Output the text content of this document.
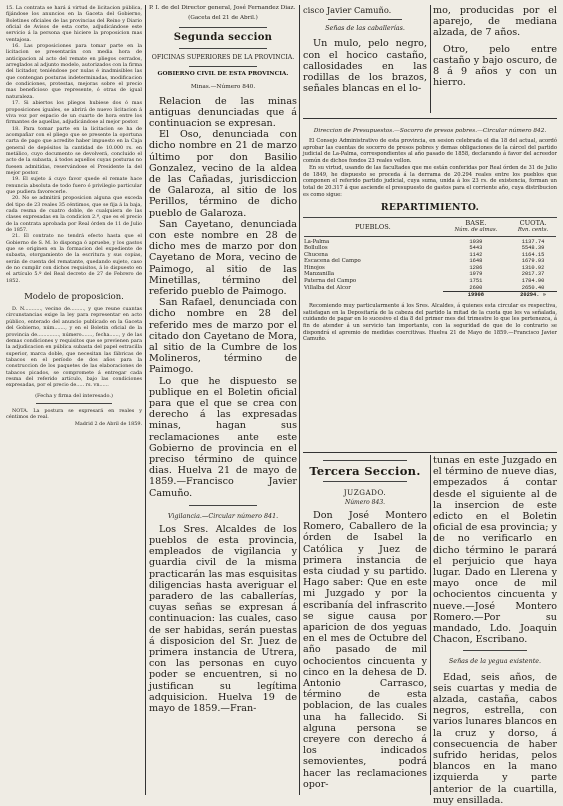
15. La contrata se hará á virtud de licitacion pública, fijándose los anuncios en la Gaceta del Gobierno, Boletines oficiales de las provincias del Reino y Diario oficial de Avisos de esta corte, adjudicándose este servicio á la persona que hiciere la proposicion mas ventajosa.

16. Las proposiciones para tomar parte en la licitacion se presentarán con media hora de anticipacion al acto del remate en pliegos cerrados, arreglados al adjunto modelo, autorizados con la firma del licitador, teniéndose por nulas é inadmisibles las que contengan posturas indeterminadas, modificacion de condiciones, protestas, mejoras sobre el precio mas beneficioso que represente, ó otras de igual naturaleza.

17. Si abiertos los pliegos hubiese dos ó mas proposiciones iguales, se abrirá de nuevo licitacion á viva voz por espacio de un cuarto de hora entre los firmantes de aquellas, adjudicándose al mejor postor.

18. Para tomar parte en la licitacion se ha de acompañar con el pliego que se presente la oportuna carta de pago que acredite haber impuesto en la Caja general de depósitos la cantidad de 10.000 rs. en metálico, cuyo documento se devolverá, concluido el acto de la subasta, á todos aquellos cuyas posturas no fuesen admitidas, reservándose el Presidente la del mejor postor.

19. El sujeto á cuyo favor quede el remate hace renuncia absoluta de todo fuero ó privilegio particular que pudiera favorecerle.

20. No se admitirá proposicion alguna que exceda del tipo de 23 reales 35 céntimos, que se fija á la baja, cada resma de cuatro doble, de cualquiera de las clases expresadas en la condicion 2.ª, que es el precio de la contrata aprobada por Real órden de 11 de Julio de 1857.

21. El contrato no tendrá efecto hasta que el Gobierno de S. M. lo disponga ó apruebe, y los gastos que se originen en la formacion del expediente de subasta, otorgamiento de la escritura y sus copias, serán de cuenta del rematante, quedando sujeto, caso de no cumplir con dichos requisitos, á lo dispuesto en el artículo 5.º del Real decreto de 27 de Febrero de 1852.

Modelo de proposicion.

D. N..........., vecino de........., y que reune cuantas circunstancias exige la ley para representar en acto público, enterado del anuncio publicado en la Gaceta del Gobierno, núm......., y en el Boletin oficial de la provincia de.............., número......., fecha......, y de las demas condiciones y requisitos que se previenen para la adjudicacion en pública subasta del papel estracilla superior, marca doble, que necesitan las fábricas de tabacos en el período de dos años para la construccion de los paquetes de las elaboraciones de tabacos picados, se compromete á entregar cada resma del referido artículo, bajo las condiciones expresadas, por el precio de..... rs. vn......

(Fecha y firma del interesado.)

NOTA. La postura se expresará en reales y céntimos de real.

Madrid 2 de Abril de 1859.

P. I. de del Director general, José Fernandez Diaz.
(Gaceta del 21 de Abril.)
Segunda seccion
OFICINAS SUPERIORES DE LA PROVINCIA.
GOBIERNO CIVIL DE ESTA PROVINCIA.
Minas.—Número 840.

Relacion de las minas antiguas denunciadas que á continuacion se expresan.

El Oso, denunciada con dicho nombre en 21 de marzo último por don Basilio Gonzalez, vecino de la aldea de las Cañadas, jurisdiccion de Galaroza, al sitio de los Perillos, término de dicho pueblo de Galaroza.

San Cayetano, denunciada con este nombre en 28 de dicho mes de marzo por don Cayetano de Mora, vecino de Paimogo, al sitio de las Minetillas, término del referido pueblo de Paimogo.

San Rafael, denunciada con dicho nombre en 28 del referido mes de marzo por el citado don Cayetano de Mora, al sitio de la Cumbre de los Molineros, término de Paimogo.

Lo que he dispuesto se publique en el Boletin oficial para que el que se crea con derecho á las expresadas minas, hagan sus reclamaciones ante este Gobierno de provincia en el preciso término de quince dias. Huelva 21 de mayo de 1859.—Francisco Javier Camuño.

Vigilancia.—Circular número 841.

Los Sres. Alcaldes de los pueblos de esta provincia, empleados de vigilancia y guardia civil de la misma practicarán las mas esquisitas diligencias hasta averiguar el paradero de las caballerías, cuyas señas se expresan á continuacion: las cuales, caso de ser habidas, serán puestas á disposicion del Sr. Juez de primera instancia de Utrera, con las personas en cuyo poder se encuentren, si no justifican su legítima adquisicion. Huelva 19 de mayo de 1859.—Fran-

cisco Javier Camuño.
Señas de las caballerías.

Un mulo, pelo negro, con el hocico castaño, callosidades en las rodillas de los brazos, señales blancas en el lo-

mo, producidas por el aparejo, de mediana alzada, de 7 años.

Otro, pelo entre castaño y bajo oscuro, de 8 á 9 años y con un hierro.

Direccion de Presupuestos.—Socorro de presos pobres.—Circular número 842.

El Consejo Administrativo de esta provincia, en sesion celebrada el dia 18 del actual, acordó aprobar las cuentas de socorro de presos pobres y demas obligaciones de la cárcel del partido judicial de La-Palma, correspondientes al año pasado de 1858, declarando á favor del acreedor común de dichos fondos 23 reales vellon.

En su virtud, usando de las facultades que me están conferidas por Real órden de 31 de Julio de 1849, he dispuesto se proceda á la derrama de 20.294 reales entre los pueblos que componen el referido partido judicial, cuya suma, unida á los 23 rs. de existencia, forman un total de 20.317 á que asciende el presupuesto de gastos para el corriente año, cuya distribucion es como sigue:

REPARTIMIENTO.
PUEBLOS.	BASE.	CUOTA.
	Núm. de almas.	Rvn. cents.

La-Palma	1039	1137.74
Bollullos	5443	5548.39
Chucena	1142	1164.15
Escacena del Campo	1648	1679.93
Hinojos	1286	1310.92
Manzanilla	1979	2017.37
Paterna del Campo	1751	1784.90
Villalba del Alcor	2600	2650.40
	19908	20294. »

Recomiendo muy particularmente á los Sres. Alcaldes, á quienes esta circular es respectiva, satisfagan en la Depositaría de la cabeza del partido la mitad de la cuota que les va señalada, cuidando de pagar en lo sucesivo el dia 8 del primer mes del trimestre lo que les pertenezca, á fin de atender á un servicio tan importante, con la seguridad de que de lo contrario se dispondrá el apremio de medidas coercitivas. Huelva 21 de Mayo de 1859.—Francisco Javier Camuño.

Tercera Seccion.
JUZGADO.
Número 843.

Don José Montero Romero, Caballero de la órden de Isabel la Católica y Juez de primera instancia de esta ciudad y su partido. Hago saber: Que en este mi Juzgado y por la escribanía del infrascrito se sigue causa por aparicion de dos yeguas en el mes de Octubre del año pasado de mil ochocientos cincuenta y cinco en la dehesa de D. Antonio Carrasco, término de esta poblacion, de las cuales una ha fallecido. Si alguna persona se creyere con derecho á los indicados semovientes, podrá hacer las reclamaciones opor-

tunas en este Juzgado en el término de nueve dias, empezados á contar desde el siguiente al de la insercion de este edicto en el Boletin oficial de esa provincia; y de no verificarlo en dicho término le parará el perjuicio que haya lugar. Dado en Llerena y mayo once de mil ochocientos cincuenta y nueve.—José Montero Romero.—Por su mandado, Ldo. Joaquin Chacon, Escribano.

Señas de la yegua existente.

Edad, seis años, de seis cuartas y media de alzada, castaña, cabos negros, estrella, con varios lunares blancos en la cruz y dorso, á consecuencia de haber sufrido heridas, pelos blancos en la mano izquierda y parte anterior de la cuartilla, muy ensillada.
